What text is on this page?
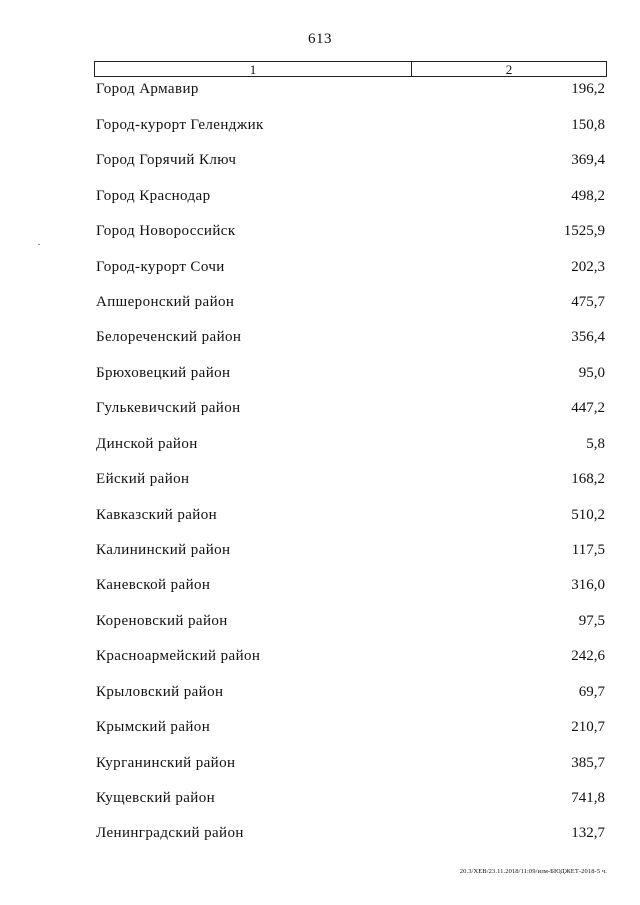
613
1	2
Город Армавир	196,2
Город-курорт Геленджик	150,8
Город Горячий Ключ	369,4
Город Краснодар	498,2
Город Новороссийск	1525,9
Город-курорт Сочи	202,3
Апшеронский район	475,7
Белореченский район	356,4
Брюховецкий район	95,0
Гулькевичский район	447,2
Динской район	5,8
Ейский район	168,2
Кавказский район	510,2
Калининский район	117,5
Каневской район	316,0
Кореновский район	97,5
Красноармейский район	242,6
Крыловский район	69,7
Крымский район	210,7
Курганинский район	385,7
Кущевский район	741,8
Ленинградский район	132,7
20.3/ХЕВ/23.11.2018/11:09/изм-БЮДЖЕТ-2018-5 ч.
